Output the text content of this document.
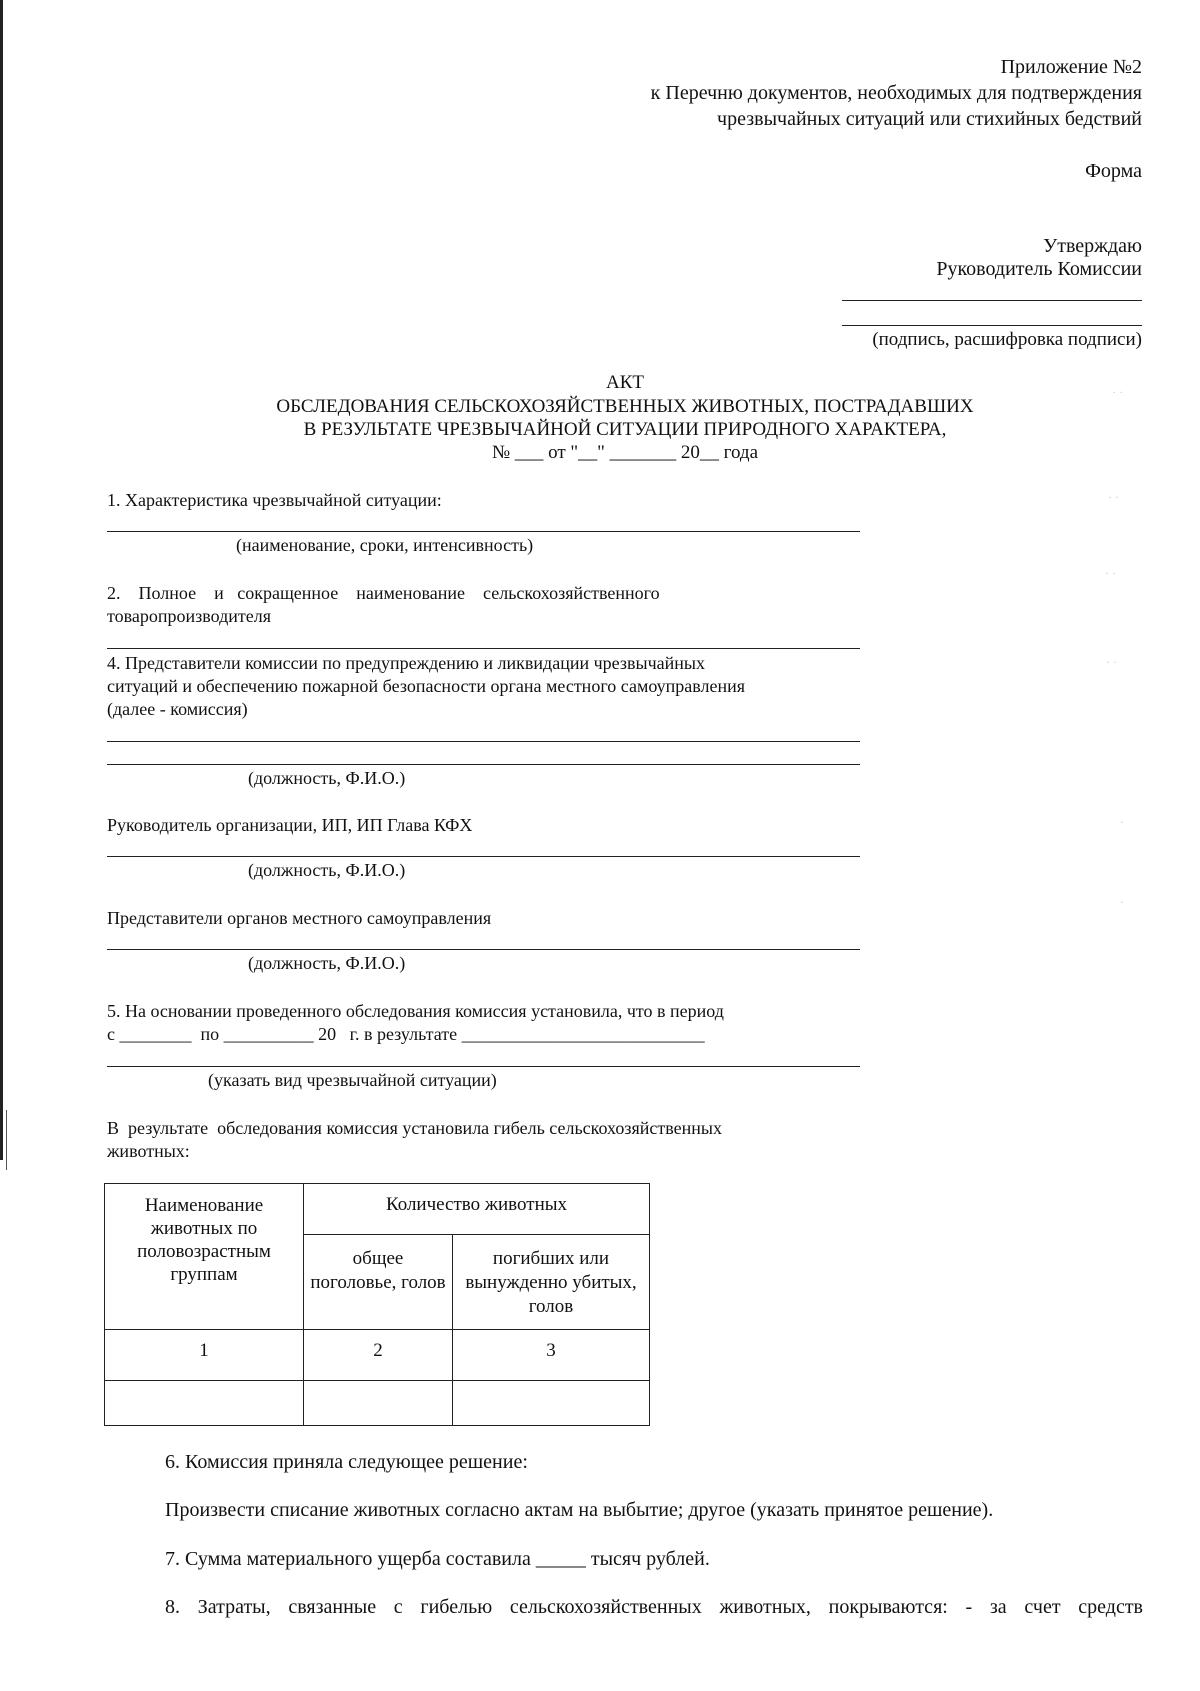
Приложение №2
к Перечню документов, необходимых для подтверждения
чрезвычайных ситуаций или стихийных бедствий
Форма
Утверждаю
Руководитель Комиссии
(подпись, расшифровка подписи)
АКТ
ОБСЛЕДОВАНИЯ СЕЛЬСКОХОЗЯЙСТВЕННЫХ ЖИВОТНЫХ, ПОСТРАДАВШИХ
В РЕЗУЛЬТАТЕ ЧРЕЗВЫЧАЙНОЙ СИТУАЦИИ ПРИРОДНОГО ХАРАКТЕРА,
№ ___ от "__" _______ 20__ года
1. Характеристика чрезвычайной ситуации:
(наименование, сроки, интенсивность)
2.    Полное    и   сокращенное    наименование    сельскохозяйственного
товаропроизводителя
4. Представители комиссии по предупреждению и ликвидации чрезвычайных
ситуаций и обеспечению пожарной безопасности органа местного самоуправления
(далее - комиссия)
(должность, Ф.И.О.)
Руководитель организации, ИП, ИП Глава КФХ
(должность, Ф.И.О.)
Представители органов местного самоуправления
(должность, Ф.И.О.)
5. На основании проведенного обследования комиссия установила, что в период
с ________  по __________ 20   г. в результате ___________________________
(указать вид чрезвычайной ситуации)
В  результате  обследования комиссия установила гибель сельскохозяйственных
животных:
Наименование животных по половозрастным группам	Количество животных	
	общее поголовье, голов	погибших или вынужденно убитых, голов
1	2	3

6. Комиссия приняла следующее решение:
Произвести списание животных согласно актам на выбытие; другое (указать принятое решение).
7. Сумма материального ущерба составила _____ тысяч рублей.
8. Затраты, связанные с гибелью сельскохозяйственных животных, покрываются: - за счет средств
· ·
· ·
· ·
· ·
·
·
